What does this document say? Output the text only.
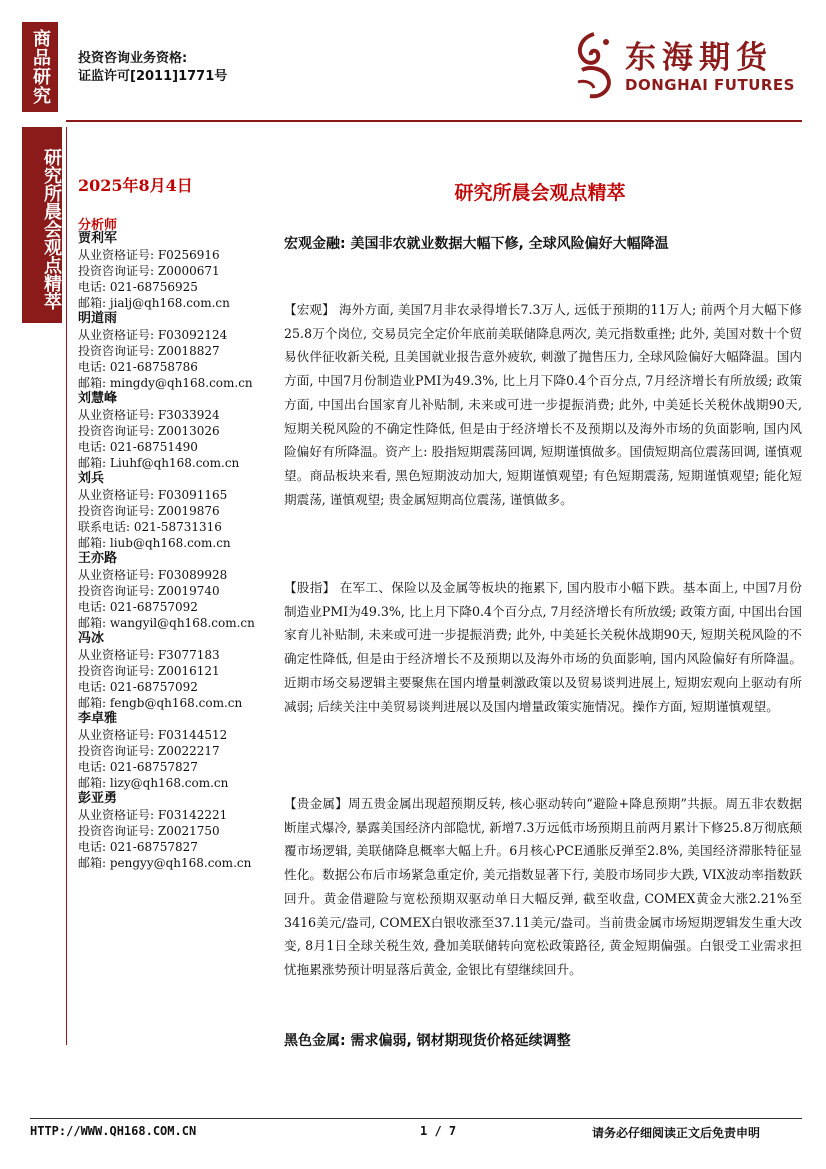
商品研究
研究所晨会观点精萃
投资咨询业务资格:
证监许可[2011]1771号
东海期货
DONGHAI FUTURES
2025年8月4日	研究所晨会观点精萃
分析师
贾利军
从业资格证号: F0256916
投资咨询证号: Z0000671
电话: 021-68756925
邮箱: jialj@qh168.com.cn
明道雨
从业资格证号: F03092124
投资咨询证号: Z0018827
电话: 021-68758786
邮箱: mingdy@qh168.com.cn
刘慧峰
从业资格证号: F3033924
投资咨询证号: Z0013026
电话: 021-68751490
邮箱: Liuhf@qh168.com.cn
刘兵
从业资格证号: F03091165
投资咨询证号: Z0019876
联系电话: 021-58731316
邮箱: liub@qh168.com.cn
王亦路
从业资格证号: F03089928
投资咨询证号: Z0019740
电话: 021-68757092
邮箱: wangyil@qh168.com.cn
冯冰
从业资格证号: F3077183
投资咨询证号: Z0016121
电话: 021-68757092
邮箱: fengb@qh168.com.cn
李卓雅
从业资格证号: F03144512
投资咨询证号: Z0022217
电话: 021-68757827
邮箱: lizy@qh168.com.cn
彭亚勇
从业资格证号: F03142221
投资咨询证号: Z0021750
电话: 021-68757827
邮箱: pengyy@qh168.com.cn
宏观金融: 美国非农就业数据大幅下修, 全球风险偏好大幅降温
【宏观】 海外方面, 美国7月非农录得增长7.3万人, 远低于预期的11万人; 前两个月大幅下修25.8万个岗位, 交易员完全定价年底前美联储降息两次, 美元指数重挫; 此外, 美国对数十个贸易伙伴征收新关税, 且美国就业报告意外疲软, 刺激了抛售压力, 全球风险偏好大幅降温。国内方面, 中国7月份制造业PMI为49.3%, 比上月下降0.4个百分点, 7月经济增长有所放缓; 政策方面, 中国出台国家育儿补贴制, 未来或可进一步提振消费; 此外, 中美延长关税休战期90天, 短期关税风险的不确定性降低, 但是由于经济增长不及预期以及海外市场的负面影响, 国内风险偏好有所降温。资产上: 股指短期震荡回调, 短期谨慎做多。国债短期高位震荡回调, 谨慎观望。商品板块来看, 黑色短期波动加大, 短期谨慎观望; 有色短期震荡, 短期谨慎观望; 能化短期震荡, 谨慎观望; 贵金属短期高位震荡, 谨慎做多。
【股指】 在军工、保险以及金属等板块的拖累下, 国内股市小幅下跌。基本面上, 中国7月份制造业PMI为49.3%, 比上月下降0.4个百分点, 7月经济增长有所放缓; 政策方面, 中国出台国家育儿补贴制, 未来或可进一步提振消费; 此外, 中美延长关税休战期90天, 短期关税风险的不确定性降低, 但是由于经济增长不及预期以及海外市场的负面影响, 国内风险偏好有所降温。近期市场交易逻辑主要聚焦在国内增量刺激政策以及贸易谈判进展上, 短期宏观向上驱动有所减弱; 后续关注中美贸易谈判进展以及国内增量政策实施情况。操作方面, 短期谨慎观望。
【贵金属】周五贵金属出现超预期反转, 核心驱动转向“避险+降息预期”共振。周五非农数据断崖式爆冷, 暴露美国经济内部隐忧, 新增7.3万远低市场预期且前两月累计下修25.8万彻底颠覆市场逻辑, 美联储降息概率大幅上升。6月核心PCE通胀反弹至2.8%, 美国经济滞胀特征显性化。数据公布后市场紧急重定价, 美元指数显著下行, 美股市场同步大跌, VIX波动率指数跃回升。黄金借避险与宽松预期双驱动单日大幅反弹, 截至收盘, COMEX黄金大涨2.21%至3416美元/盎司, COMEX白银收涨至37.11美元/盎司。当前贵金属市场短期逻辑发生重大改变, 8月1日全球关税生效, 叠加美联储转向宽松政策路径, 黄金短期偏强。白银受工业需求担忧拖累涨势预计明显落后黄金, 金银比有望继续回升。
黑色金属: 需求偏弱, 钢材期现货价格延续调整
HTTP://WWW.QH168.COM.CN	1 / 7	请务必仔细阅读正文后免责申明
